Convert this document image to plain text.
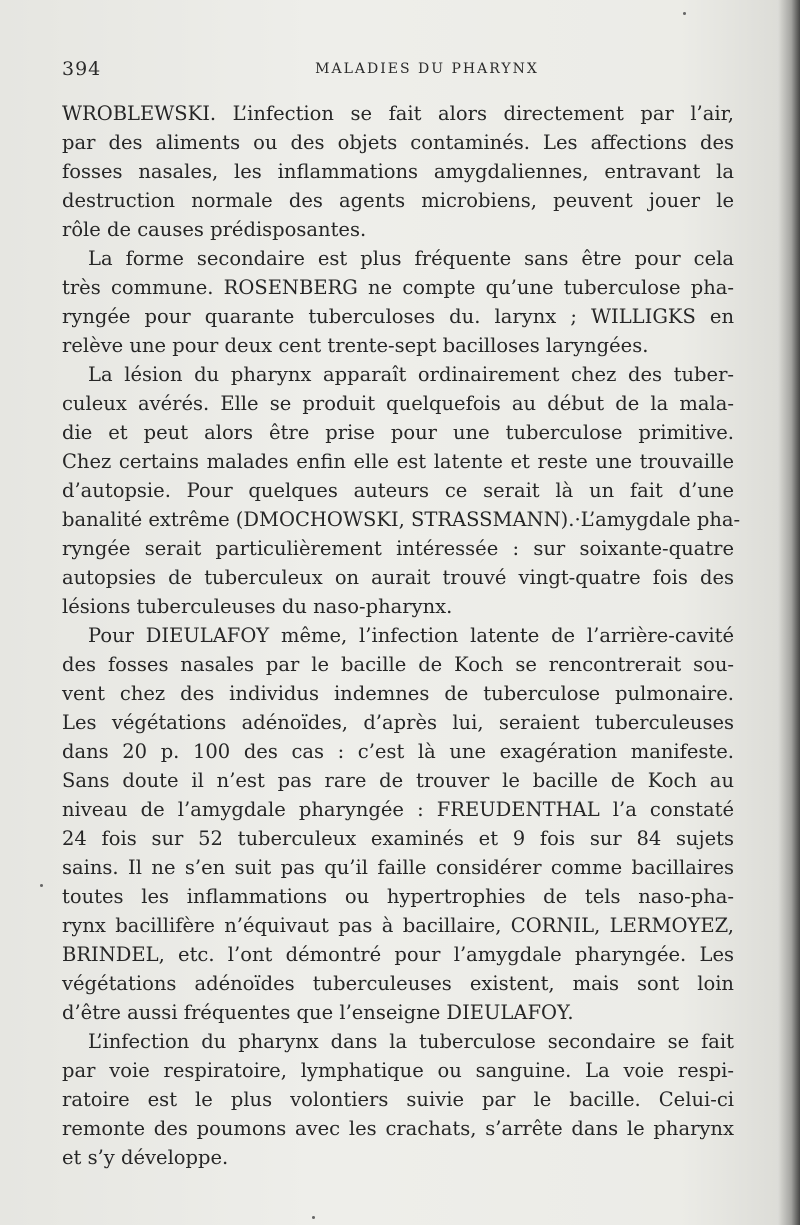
394	MALADIES DU PHARYNX
WROBLEWSKI. L’infection se fait alors directement par l’air,
par des aliments ou des objets contaminés. Les affections des
fosses nasales, les inflammations amygdaliennes, entravant la
destruction normale des agents microbiens, peuvent jouer le
rôle de causes prédisposantes.
La forme secondaire est plus fréquente sans être pour cela
très commune. ROSENBERG ne compte qu’une tuberculose pha-
ryngée pour quarante tuberculoses du. larynx ; WILLIGKS en
relève une pour deux cent trente-sept bacilloses laryngées.
La lésion du pharynx apparaît ordinairement chez des tuber-
culeux avérés. Elle se produit quelquefois au début de la mala-
die et peut alors être prise pour une tuberculose primitive.
Chez certains malades enfin elle est latente et reste une trouvaille
d’autopsie. Pour quelques auteurs ce serait là un fait d’une
banalité extrême (DMOCHOWSKI, STRASSMANN).·L’amygdale pha-
ryngée serait particulièrement intéressée : sur soixante-quatre
autopsies de tuberculeux on aurait trouvé vingt-quatre fois des
lésions tuberculeuses du naso-pharynx.
Pour DIEULAFOY même, l’infection latente de l’arrière-cavité
des fosses nasales par le bacille de Koch se rencontrerait sou-
vent chez des individus indemnes de tuberculose pulmonaire.
Les végétations adénoïdes, d’après lui, seraient tuberculeuses
dans 20 p. 100 des cas : c’est là une exagération manifeste.
Sans doute il n’est pas rare de trouver le bacille de Koch au
niveau de l’amygdale pharyngée : FREUDENTHAL l’a constaté
24 fois sur 52 tuberculeux examinés et 9 fois sur 84 sujets
sains. Il ne s’en suit pas qu’il faille considérer comme bacillaires
toutes les inflammations ou hypertrophies de tels naso-pha-
rynx bacillifère n’équivaut pas à bacillaire, CORNIL, LERMOYEZ,
BRINDEL, etc. l’ont démontré pour l’amygdale pharyngée. Les
végétations adénoïdes tuberculeuses existent, mais sont loin
d’être aussi fréquentes que l’enseigne DIEULAFOY.
L’infection du pharynx dans la tuberculose secondaire se fait
par voie respiratoire, lymphatique ou sanguine. La voie respi-
ratoire est le plus volontiers suivie par le bacille. Celui-ci
remonte des poumons avec les crachats, s’arrête dans le pharynx
et s’y développe.
